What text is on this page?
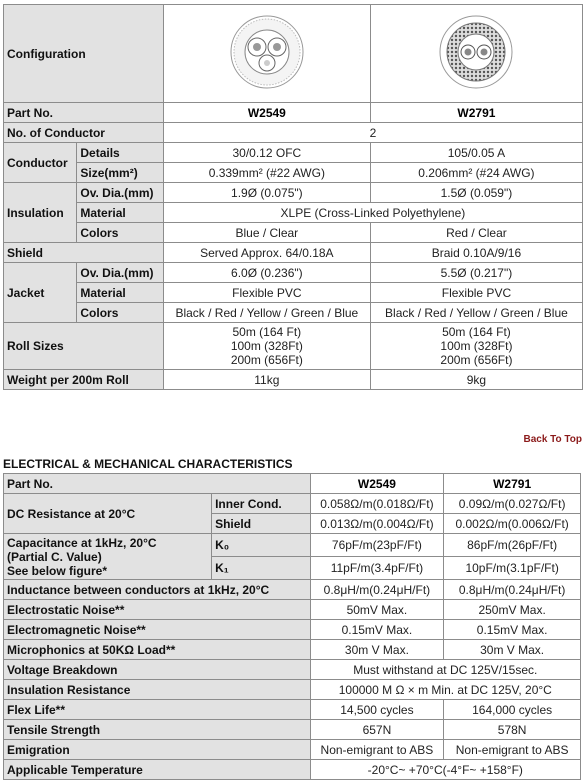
Configuration		
Part No.		W2549	W2791
No. of Conductor		2	
Conductor	Details	30/0.12 OFC	105/0.05 A
	Size(mm²)	0.339mm² (#22 AWG)	0.206mm² (#24 AWG)
Insulation	Ov. Dia.(mm)	1.9Ø (0.075")	1.5Ø (0.059")
	Material	XLPE (Cross-Linked Polyethylene)	
	Colors	Blue / Clear	Red / Clear
Shield		Served Approx. 64/0.18A	Braid 0.10A/9/16
Jacket	Ov. Dia.(mm)	6.0Ø (0.236")	5.5Ø (0.217")
	Material	Flexible PVC	Flexible PVC
	Colors	Black / Red / Yellow / Green / Blue	Black / Red / Yellow / Green / Blue
Roll Sizes		50m (164 Ft)
100m (328Ft)
200m (656Ft)	50m (164 Ft)
100m (328Ft)
200m (656Ft)

Weight per 200m Roll		11kg	9kg
Back To Top
ELECTRICAL & MECHANICAL CHARACTERISTICS
Part No.		W2549	W2791
DC Resistance at 20°C	Inner Cond.	0.058Ω/m(0.018Ω/Ft)	0.09Ω/m(0.027Ω/Ft)
	Shield	0.013Ω/m(0.004Ω/Ft)	0.002Ω/m(0.006Ω/Ft)

Capacitance at 1kHz, 20°C
(Partial C. Value)
See below figure*	K₀	76pF/m(23pF/Ft)	86pF/m(26pF/Ft)
	K₁	11pF/m(3.4pF/Ft)	10pF/m(3.1pF/Ft)
Inductance between conductors at 1kHz, 20°C		0.8μH/m(0.24μH/Ft)	0.8μH/m(0.24μH/Ft)
Electrostatic Noise**		50mV Max.	250mV Max.
Electromagnetic Noise**		0.15mV Max.	0.15mV Max.
Microphonics at 50KΩ Load**		30m V Max.	30m V Max.
Voltage Breakdown		Must withstand at DC 125V/15sec.	
Insulation Resistance		100000 M Ω × m Min. at DC 125V, 20°C	
Flex Life**		14,500 cycles	164,000 cycles
Tensile Strength		657N	578N
Emigration		Non-emigrant to ABS	Non-emigrant to ABS
Applicable Temperature		-20°C~ +70°C(-4°F~ +158°F)	
